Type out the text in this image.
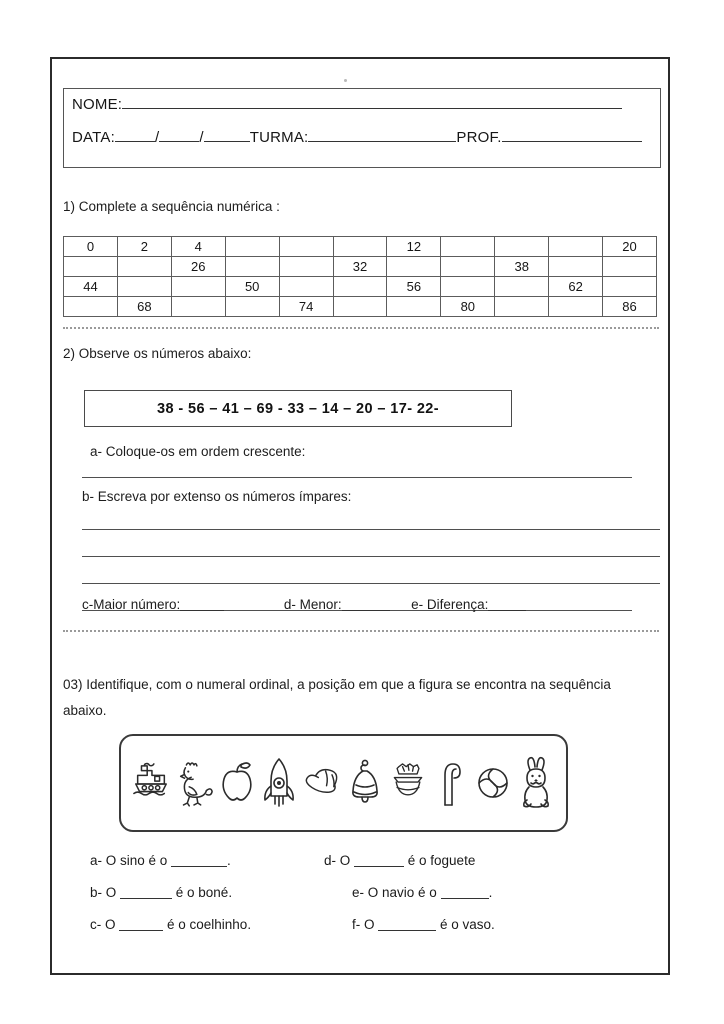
NOME:
DATA:	/	/	TURMA:	PROF.
1) Complete a sequência numérica :
0	2	4				12				20
		26			32			38		
44			50			56			62	
	68			74			80			86
2) Observe os números abaixo:
38 - 56 – 41 – 69 - 33 – 14 – 20 – 17- 22-
a- Coloque-os em ordem crescente:
b- Escreva por extenso os números ímpares:
c-Maior número:	d- Menor:	e- Diferença:
03) Identifique, com o numeral ordinal, a posição em que a figura se encontra na sequência abaixo.
a- O sino é o	.
b- O	é o boné.
c- O	é o coelhinho.
d- O	é o foguete
e- O navio é o	.
f- O	é o vaso.
